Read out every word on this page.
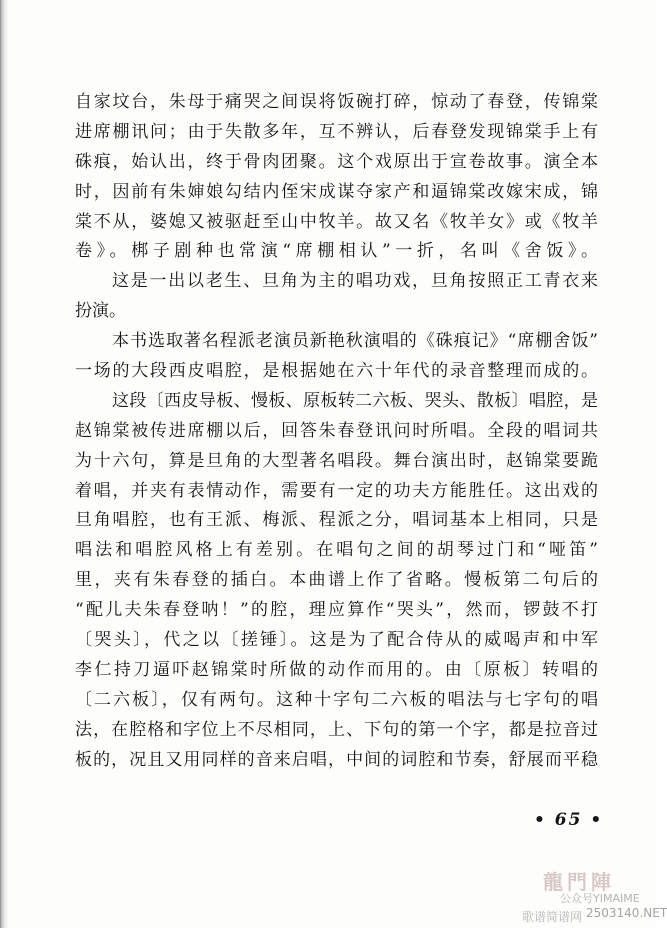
自家坟台，朱母于痛哭之间误将饭碗打碎，惊动了春登，传锦棠
进席棚讯问；由于失散多年，互不辨认，后春登发现锦棠手上有
硃痕，始认出，终于骨肉团聚。这个戏原出于宣卷故事。演全本
时，因前有朱婶娘勾结内侄宋成谋夺家产和逼锦棠改嫁宋成，锦
棠不从，婆媳又被驱赶至山中牧羊。故又名《牧羊女》或《牧羊
卷》。梆子剧种也常演“席棚相认”一折，名叫《舍饭》。

这是一出以老生、旦角为主的唱功戏，旦角按照正工青衣来
扮演。

本书选取著名程派老演员新艳秋演唱的《硃痕记》“席棚舍饭”
一场的大段西皮唱腔，是根据她在六十年代的录音整理而成的。

这段〔西皮导板、慢板、原板转二六板、哭头、散板〕唱腔，是
赵锦棠被传进席棚以后，回答朱春登讯问时所唱。全段的唱词共
为十六句，算是旦角的大型著名唱段。舞台演出时，赵锦棠要跪
着唱，并夹有表情动作，需要有一定的功夫方能胜任。这出戏的
旦角唱腔，也有王派、梅派、程派之分，唱词基本上相同，只是
唱法和唱腔风格上有差别。在唱句之间的胡琴过门和“哑笛”
里，夹有朱春登的插白。本曲谱上作了省略。慢板第二句后的
“配儿夫朱春登呐！”的腔，理应算作“哭头”，然而，锣鼓不打
〔哭头〕，代之以〔搓锤〕。这是为了配合侍从的威喝声和中军
李仁持刀逼吓赵锦棠时所做的动作而用的。由〔原板〕转唱的
〔二六板〕，仅有两句。这种十字句二六板的唱法与七字句的唱
法，在腔格和字位上不尽相同，上、下句的第一个字，都是拉音过
板的，况且又用同样的音来启唱，中间的词腔和节奏，舒展而平稳

• 65 •
龍門陣
公众号YIMAIME
歌谱简谱网 2503140.NET
